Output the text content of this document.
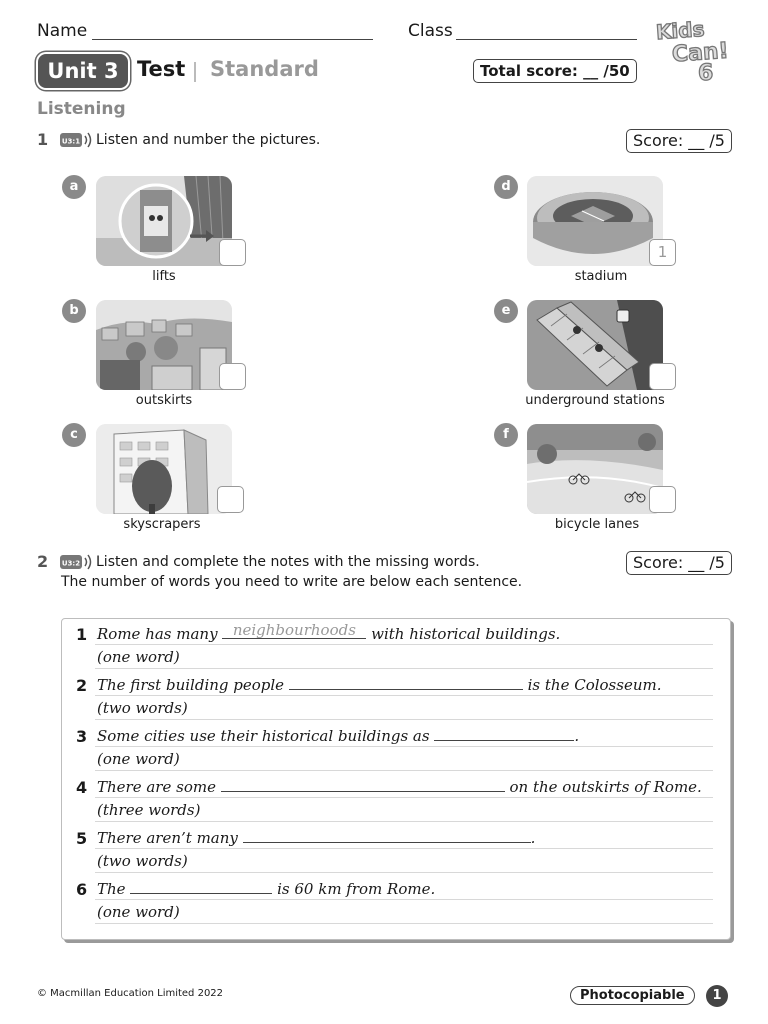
Name	Class	Kids
Can!
6
Unit 3 Test Standard	Total score: __ /50
Listening
1 U3:1 Listen and number the pictures.	Score: __ /5
a
lifts
b
outskirts
c
skyscrapers
d
1
stadium
e
underground stations
f
bicycle lanes
2 U3:2 Listen and complete the notes with the missing words.
The number of words you need to write are below each sentence.
Score: __ /5
1 Rome has many neighbourhoods with historical buildings.
(one word)
2 The first building people	is the Colosseum.
(two words)
3 Some cities use their historical buildings as	.
(one word)
4 There are some	on the outskirts of Rome.
(three words)
5 There aren’t many	.
(two words)
6 The	is 60 km from Rome.
(one word)
© Macmillan Education Limited 2022	Photocopiable	1
